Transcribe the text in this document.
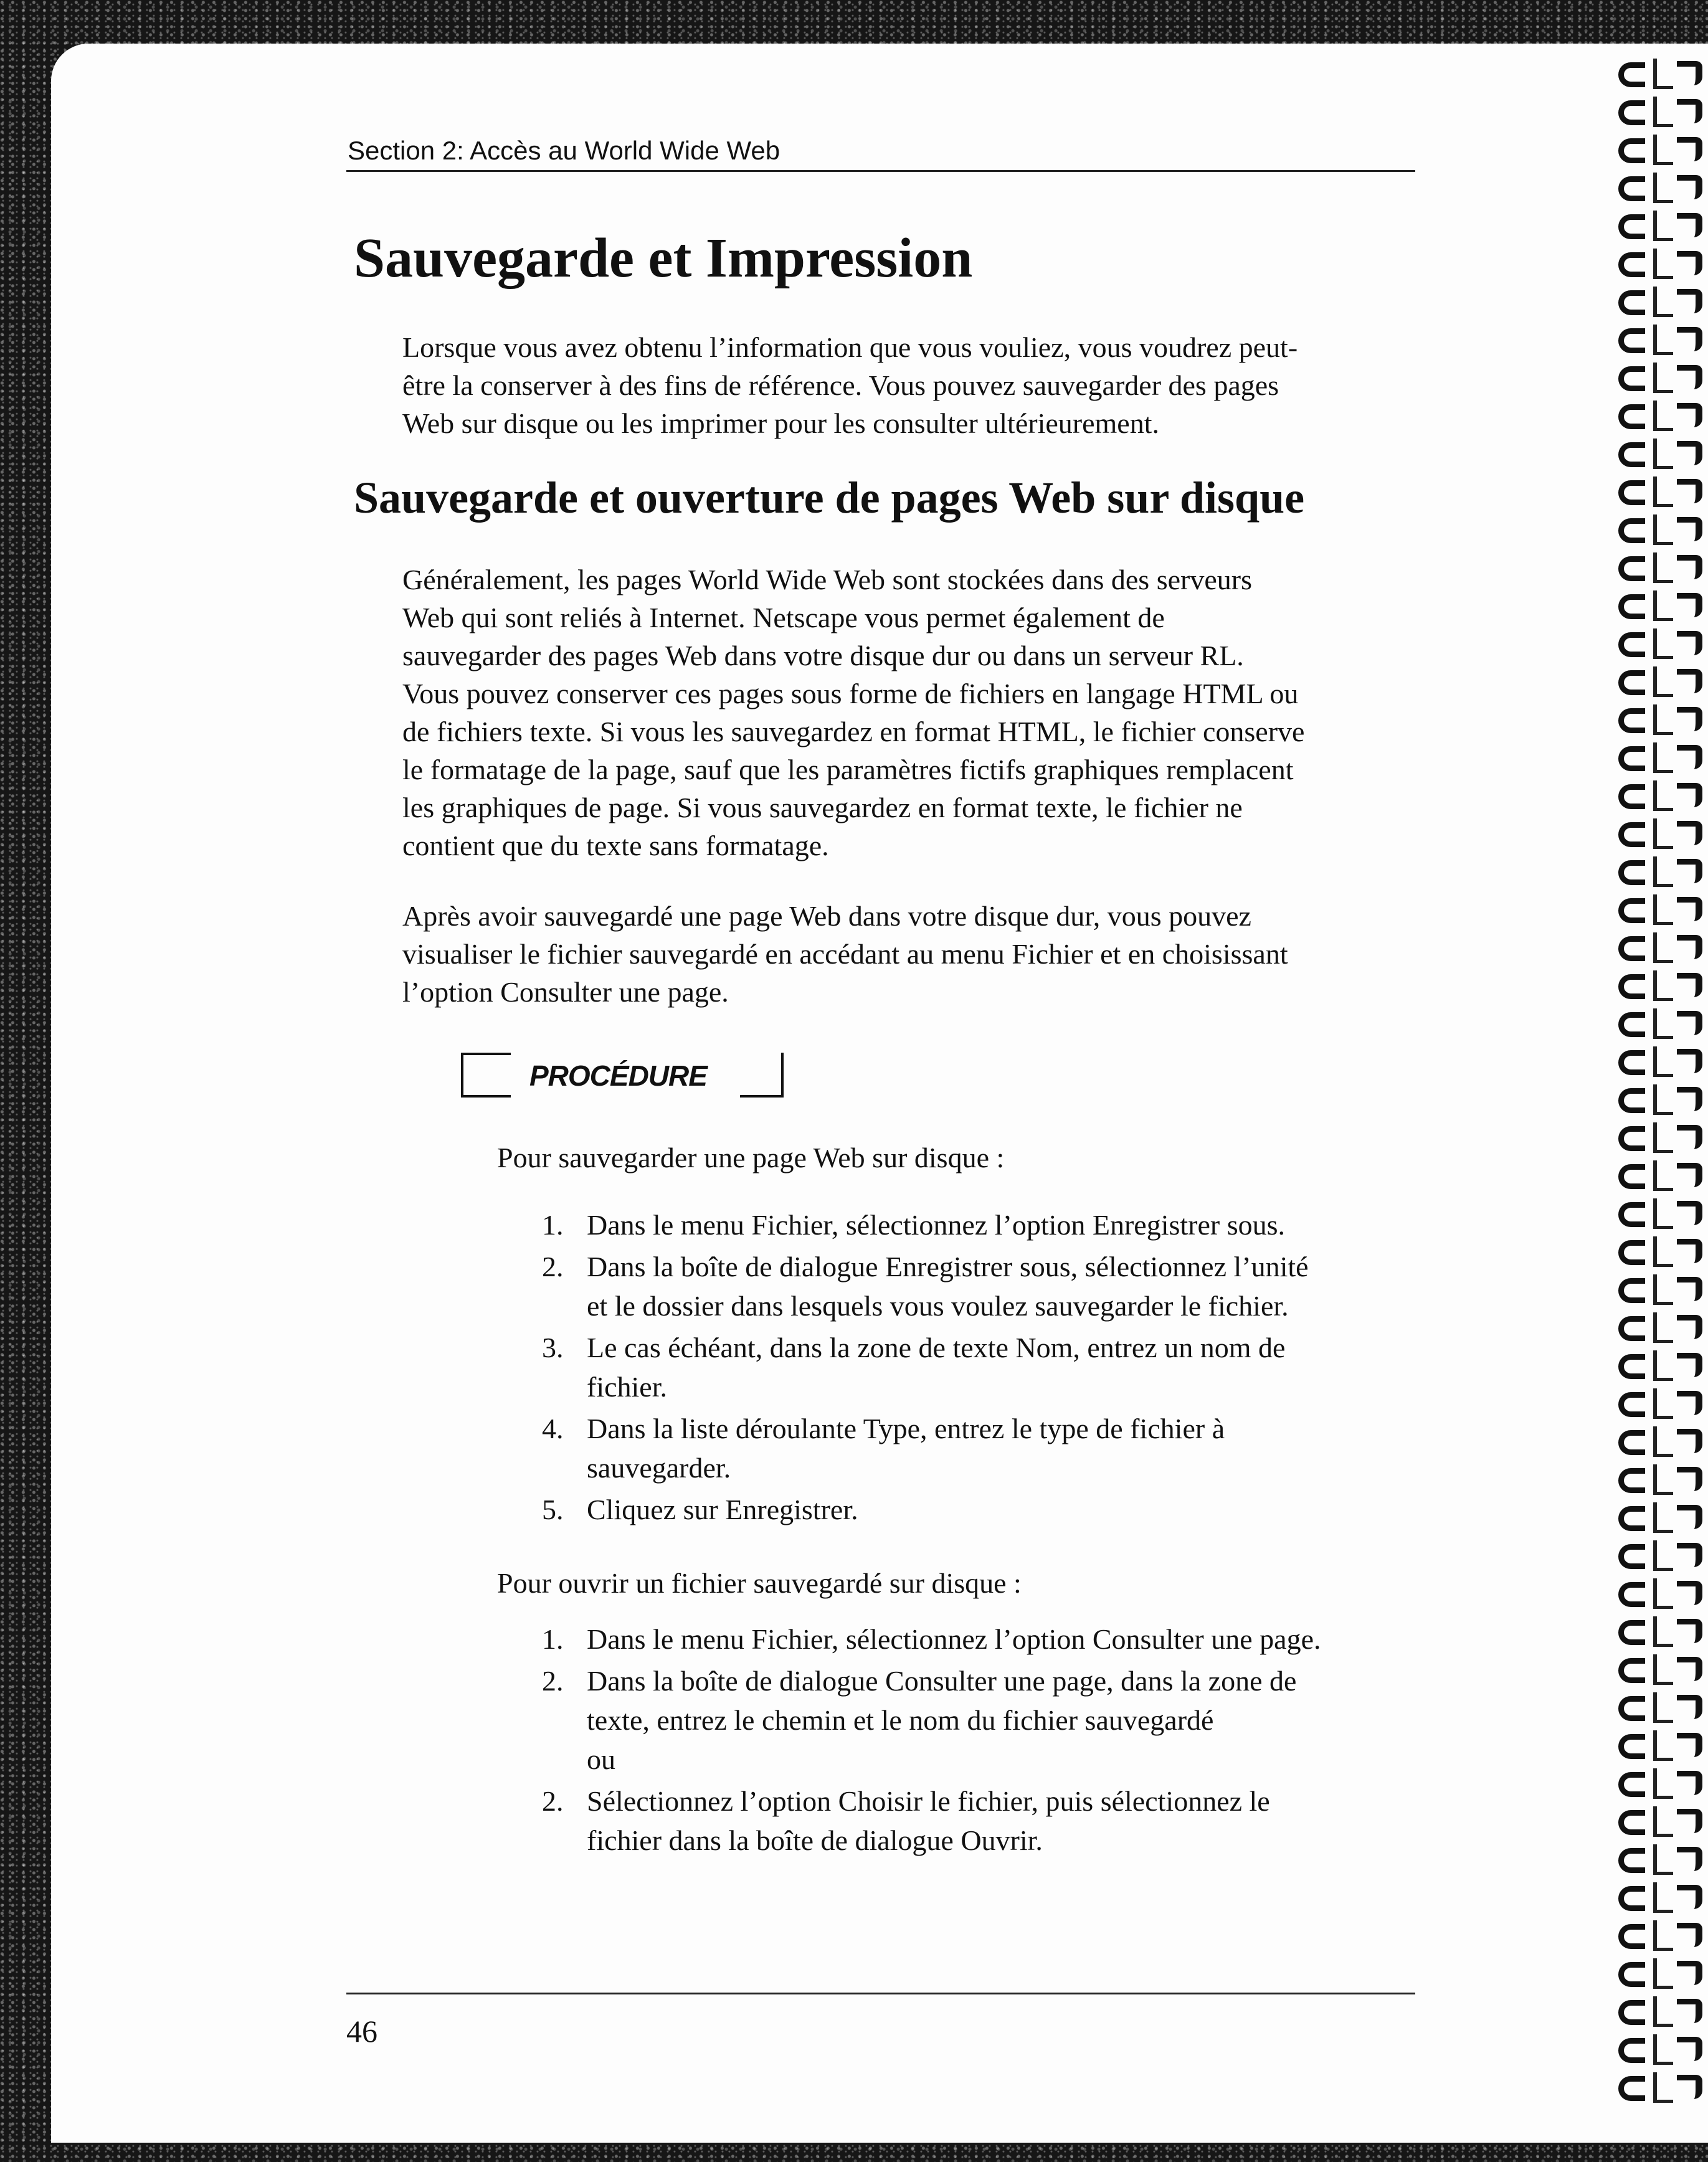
Section 2: Accès au World Wide Web
Sauvegarde et Impression

Lorsque vous avez obtenu l’information que vous vouliez, vous voudrez peut-
être la conserver à des fins de référence. Vous pouvez sauvegarder des pages
Web sur disque ou les imprimer pour les consulter ultérieurement.

Sauvegarde et ouverture de pages Web sur disque

Généralement, les pages World Wide Web sont stockées dans des serveurs
Web qui sont reliés à Internet. Netscape vous permet également de
sauvegarder des pages Web dans votre disque dur ou dans un serveur RL.
Vous pouvez conserver ces pages sous forme de fichiers en langage HTML ou
de fichiers texte. Si vous les sauvegardez en format HTML, le fichier conserve
le formatage de la page, sauf que les paramètres fictifs graphiques remplacent
les graphiques de page. Si vous sauvegardez en format texte, le fichier ne
contient que du texte sans formatage.

Après avoir sauvegardé une page Web dans votre disque dur, vous pouvez
visualiser le fichier sauvegardé en accédant au menu Fichier et en choisissant
l’option Consulter une page.

PROCÉDURE
Pour sauvegarder une page Web sur disque :
1. Dans le menu Fichier, sélectionnez l’option Enregistrer sous.
2. Dans la boîte de dialogue Enregistrer sous, sélectionnez l’unité
et le dossier dans lesquels vous voulez sauvegarder le fichier.
3. Le cas échéant, dans la zone de texte Nom, entrez un nom de
fichier.
4. Dans la liste déroulante Type, entrez le type de fichier à
sauvegarder.
5. Cliquez sur Enregistrer.
Pour ouvrir un fichier sauvegardé sur disque :
1. Dans le menu Fichier, sélectionnez l’option Consulter une page.
2. Dans la boîte de dialogue Consulter une page, dans la zone de
texte, entrez le chemin et le nom du fichier sauvegardé
ou
2. Sélectionnez l’option Choisir le fichier, puis sélectionnez le
fichier dans la boîte de dialogue Ouvrir.
46
